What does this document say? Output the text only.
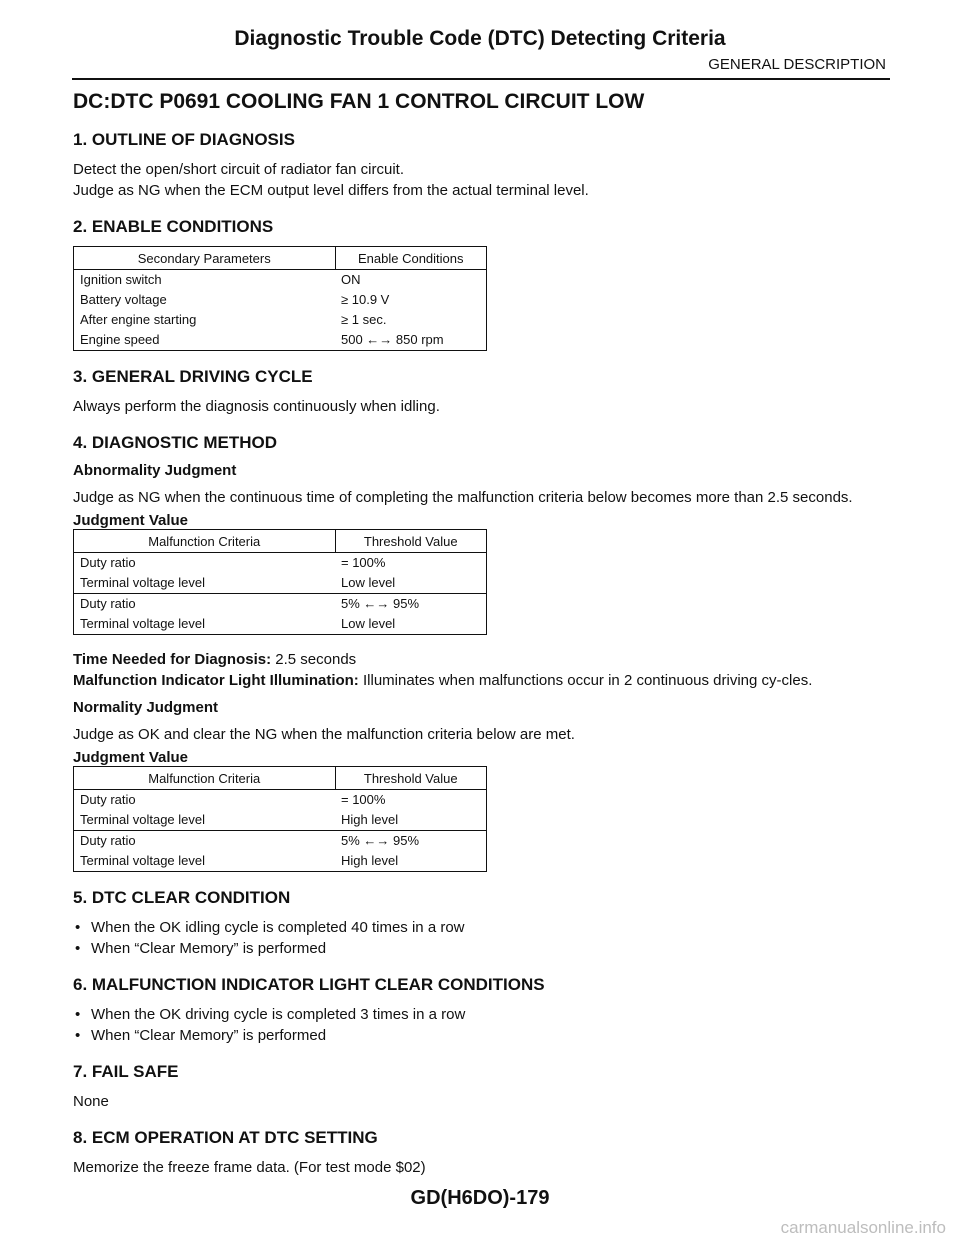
Diagnostic Trouble Code (DTC) Detecting Criteria
GENERAL DESCRIPTION
DC:DTC P0691 COOLING FAN 1 CONTROL CIRCUIT LOW
1. OUTLINE OF DIAGNOSIS

Detect the open/short circuit of radiator fan circuit.
Judge as NG when the ECM output level differs from the actual terminal level.

2. ENABLE CONDITIONS
Secondary Parameters	Enable Conditions
Ignition switch	ON
Battery voltage	≥ 10.9 V
After engine starting	≥ 1 sec.
Engine speed	500 ←→ 850 rpm
3. GENERAL DRIVING CYCLE

Always perform the diagnosis continuously when idling.

4. DIAGNOSTIC METHOD
Abnormality Judgment

Judge as NG when the continuous time of completing the malfunction criteria below becomes more than 2.5 seconds.

Judgment Value
Malfunction Criteria	Threshold Value
Duty ratio	= 100%
Terminal voltage level	Low level
Duty ratio	5% ←→ 95%
Terminal voltage level	Low level

Time Needed for Diagnosis: 2.5 seconds
Malfunction Indicator Light Illumination: Illuminates when malfunctions occur in 2 continuous driving cy-cles.

Normality Judgment

Judge as OK and clear the NG when the malfunction criteria below are met.

Judgment Value
Malfunction Criteria	Threshold Value
Duty ratio	= 100%
Terminal voltage level	High level
Duty ratio	5% ←→ 95%
Terminal voltage level	High level
5. DTC CLEAR CONDITION
• When the OK idling cycle is completed 40 times in a row
• When “Clear Memory” is performed
6. MALFUNCTION INDICATOR LIGHT CLEAR CONDITIONS
• When the OK driving cycle is completed 3 times in a row
• When “Clear Memory” is performed
7. FAIL SAFE

None

8. ECM OPERATION AT DTC SETTING

Memorize the freeze frame data. (For test mode $02)

GD(H6DO)-179
carmanualsonline.info
